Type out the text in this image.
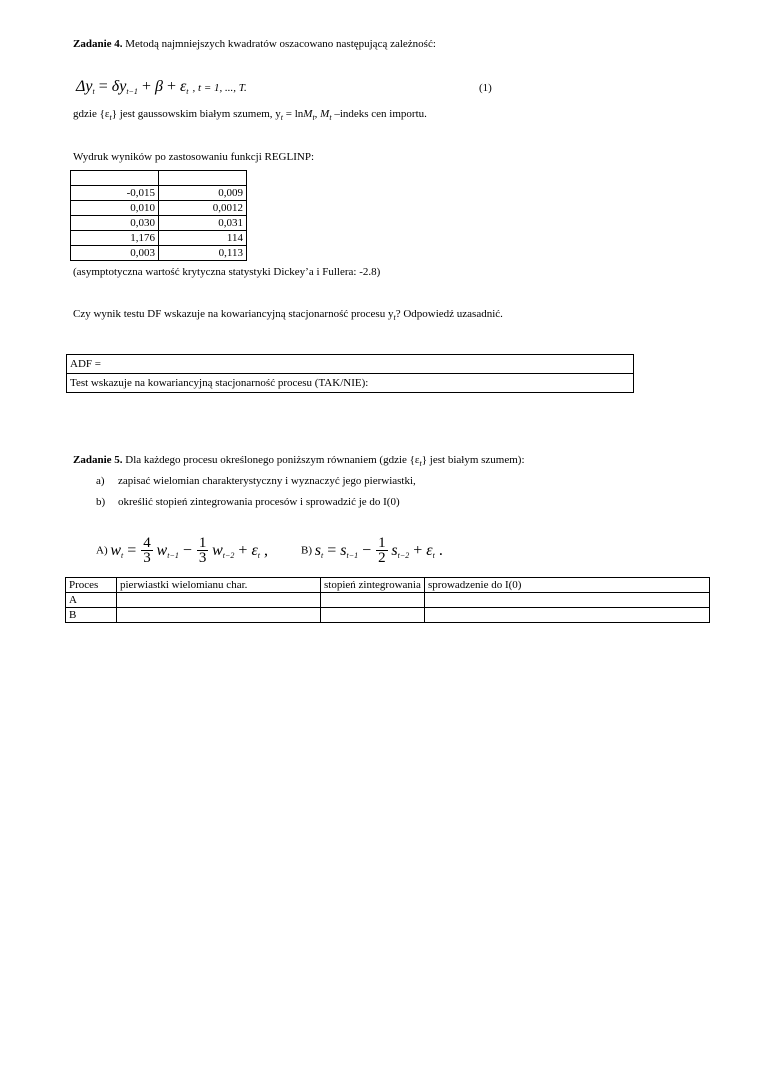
Zadanie 4. Metodą najmniejszych kwadratów oszacowano następującą zależność:
$\Delta y_t = \delta y_{t-1} + \beta + \varepsilon_t$ , t = 1, ..., T.	(1)
gdzie $\{\varepsilon_t\}$ jest gaussowskim białym szumem, $y_t = \ln M_t$, $M_t$ –indeks cen importu.
Wydruk wyników po zastosowaniu funkcji REGLINP:

-0,015	0,009
0,010	0,0012
0,030	0,031
1,176	114
0,003	0,113
(asymptotyczna wartość krytyczna statystyki Dickey’a i Fullera: -2.8)
Czy wynik testu DF wskazuje na kowariancyjną stacjonarność procesu $y_t$? Odpowiedź uzasadnić.
ADF =
Test wskazuje na kowariancyjną stacjonarność procesu (TAK/NIE):
Zadanie 5. Dla każdego procesu określonego poniższym równaniem (gdzie $\{\varepsilon_t\}$ jest białym szumem):
a) zapisać wielomian charakterystyczny i wyznaczyć jego pierwiastki,
b) określić stopień zintegrowania procesów i sprowadzić je do I(0)
A) $w_t = \frac{4}{3} w_{t-1} - \frac{1}{3} w_{t-2} + \varepsilon_t$ ,	B) $s_t = s_{t-1} - \frac{1}{2} s_{t-2} + \varepsilon_t$ .
Proces	pierwiastki wielomianu char.	stopień zintegrowania	sprowadzenie do I(0)
A			
B			
